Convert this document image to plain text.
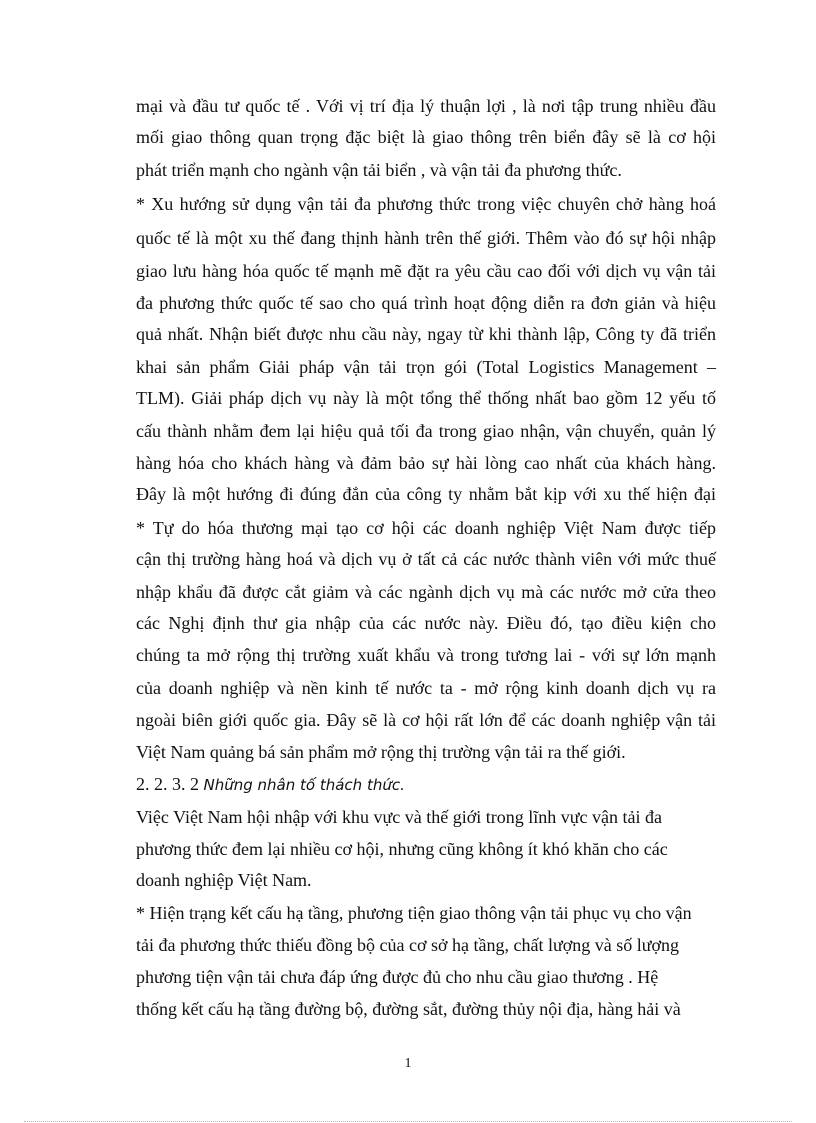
mại và đầu tư quốc tế . Với vị trí địa lý thuận lợi , là nơi tập trung nhiều đầu
mối giao thông quan trọng đặc biệt là giao thông trên biển đây sẽ là cơ hội
phát triển mạnh cho ngành vận tải biển , và vận tải đa phương thức.
* Xu hướng sử dụng vận tải đa phương thức trong việc chuyên chở hàng hoá
quốc tế là một xu thế đang thịnh hành trên thế giới. Thêm vào đó sự hội nhập
giao lưu hàng hóa quốc tế mạnh mẽ đặt ra yêu cầu cao đối với dịch vụ vận tải
đa phương thức quốc tế sao cho quá trình hoạt động diễn ra đơn giản và hiệu
quả nhất. Nhận biết được nhu cầu này, ngay từ khi thành lập, Công ty đã triển
khai sản phẩm Giải pháp vận tải trọn gói (Total Logistics Management –
TLM). Giải pháp dịch vụ này là một tổng thể thống nhất bao gồm 12 yếu tố
cấu thành nhằm đem lại hiệu quả tối đa trong giao nhận, vận chuyển, quản lý
hàng hóa cho khách hàng và đảm bảo sự hài lòng cao nhất của khách hàng.
Đây là một hướng đi đúng đắn của công ty nhằm bắt kịp với xu thế hiện đại
* Tự do hóa thương mại tạo cơ hội các doanh nghiệp Việt Nam được tiếp
cận thị trường hàng hoá và dịch vụ ở tất cả các nước thành viên với mức thuế
nhập khẩu đã được cắt giảm và các ngành dịch vụ mà các nước mở cửa theo
các Nghị định thư gia nhập của các nước này. Điều đó, tạo điều kiện cho
chúng ta mở rộng thị trường xuất khẩu và trong tương lai - với sự lớn mạnh
của doanh nghiệp và nền kinh tế nước ta - mở rộng kinh doanh dịch vụ ra
ngoài biên giới quốc gia. Đây sẽ là cơ hội rất lớn để các doanh nghiệp vận tải
Việt Nam quảng bá sản phẩm mở rộng thị trường vận tải ra thế giới.
2. 2. 3. 2 Những nhân tố thách thức.
Việc Việt Nam hội nhập với khu vực và thế giới trong lĩnh vực vận tải đa
phương thức đem lại nhiều cơ hội, nhưng cũng không ít khó khăn cho các
doanh nghiệp Việt Nam.
* Hiện trạng kết cấu hạ tầng, phương tiện giao thông vận tải phục vụ cho vận
tải đa phương thức thiếu đồng bộ của cơ sở hạ tầng, chất lượng và số lượng
phương tiện vận tải chưa đáp ứng được đủ cho nhu cầu giao thương . Hệ
thống kết cấu hạ tầng đường bộ, đường sắt, đường thủy nội địa, hàng hải và
1
